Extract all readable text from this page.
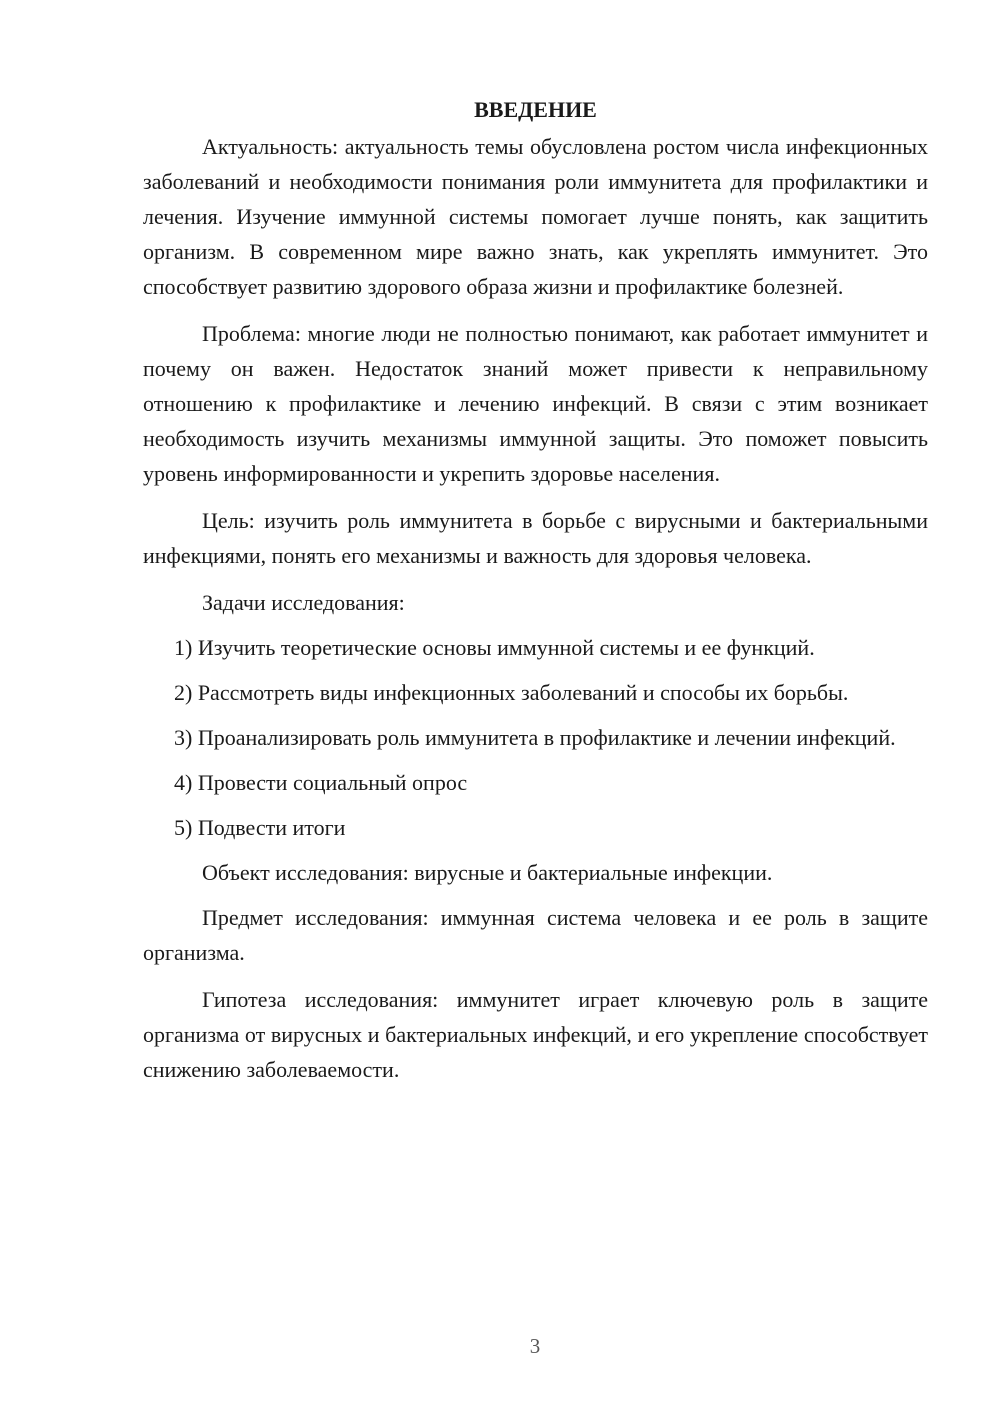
ВВЕДЕНИЕ

Актуальность: актуальность темы обусловлена ростом числа инфекционных заболеваний и необходимости понимания роли иммунитета для профилактики и лечения. Изучение иммунной системы помогает лучше понять, как защитить организм. В современном мире важно знать, как укреплять иммунитет. Это способствует развитию здорового образа жизни и профилактике болезней.

Проблема: многие люди не полностью понимают, как работает иммунитет и почему он важен. Недостаток знаний может привести к неправильному отношению к профилактике и лечению инфекций. В связи с этим возникает необходимость изучить механизмы иммунной защиты. Это поможет повысить уровень информированности и укрепить здоровье населения.

Цель: изучить роль иммунитета в борьбе с вирусными и бактериальными инфекциями, понять его механизмы и важность для здоровья человека.

Задачи исследования:

1) Изучить теоретические основы иммунной системы и ее функций.

2) Рассмотреть виды инфекционных заболеваний и способы их борьбы.

3) Проанализировать роль иммунитета в профилактике и лечении инфекций.

4) Провести социальный опрос

5) Подвести итоги

Объект исследования: вирусные и бактериальные инфекции.

Предмет исследования: иммунная система человека и ее роль в защите организма.

Гипотеза исследования: иммунитет играет ключевую роль в защите организма от вирусных и бактериальных инфекций, и его укрепление способствует снижению заболеваемости.

3
